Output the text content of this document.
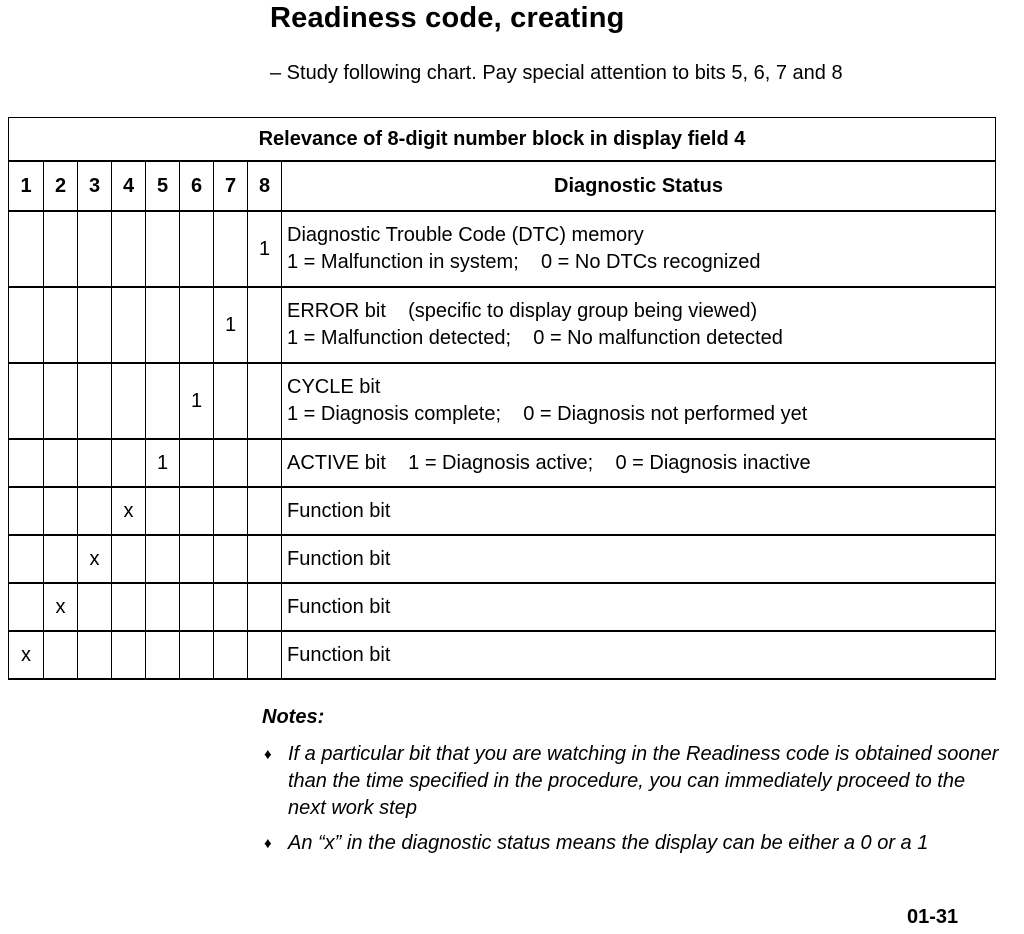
Readiness code, creating
– Study following chart. Pay special attention to bits 5, 6, 7 and 8
Relevance of 8-digit number block in display field 4								
1	2	3	4	5	6	7	8	Diagnostic Status
							1	Diagnostic Trouble Code (DTC) memory
1 = Malfunction in system;    0 = No DTCs recognized

						1		ERROR bit    (specific to display group being viewed)
1 = Malfunction detected;    0 = No malfunction detected

					1			CYCLE bit
1 = Diagnosis complete;    0 = Diagnosis not performed yet

				1				ACTIVE bit    1 = Diagnosis active;    0 = Diagnosis inactive

			x					Function bit

		x						Function bit

	x							Function bit

x								Function bit
Notes:
♦ If a particular bit that you are watching in the Readiness code is obtained sooner than the time specified in the procedure, you can immediately proceed to the next work step
♦ An “x” in the diagnostic status means the display can be either a 0 or a 1
01-31
